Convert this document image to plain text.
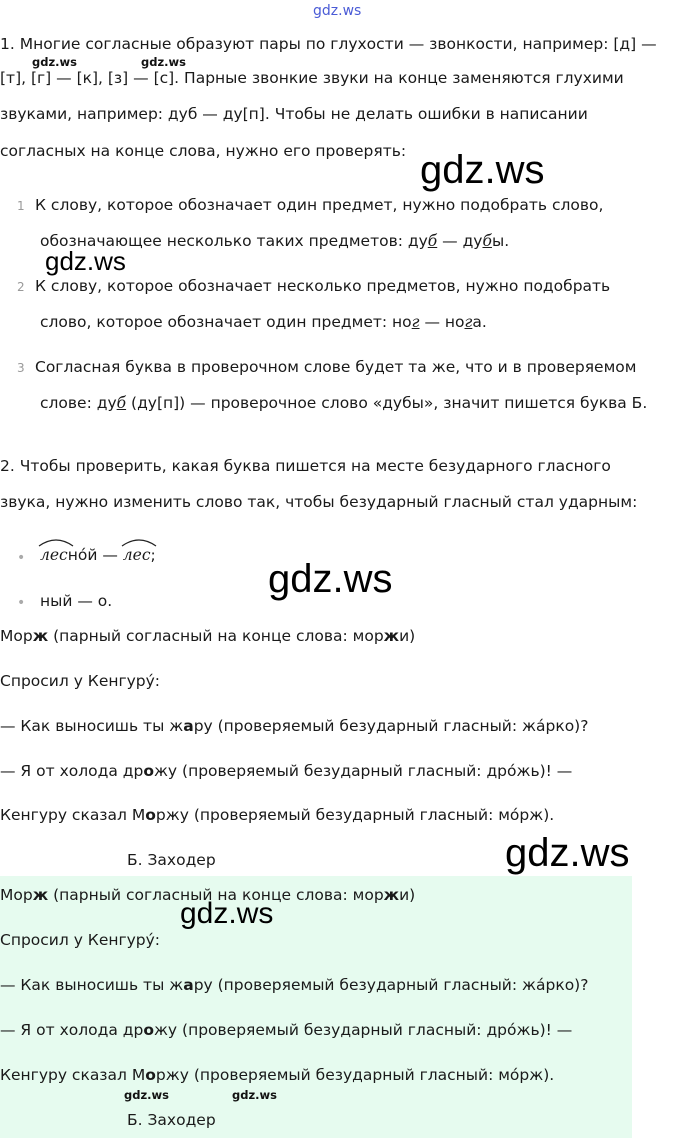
gdz.ws
gdz.ws	gdz.ws
gdz.ws
gdz.ws
gdz.ws
gdz.ws
1. Многие согласные образуют пары по глухости — звонкости, например: [д] —
[т], [г] — [к], [з] — [с]. Парные звонкие звуки на конце заменяются глухими
звуками, например: дуб — ду[п]. Чтобы не делать ошибки в написании
согласных на конце слова, нужно его проверять:
1 К слову, которое обозначает один предмет, нужно подобрать слово,
обозначающее несколько таких предметов: дуб — дубы.
2 К слову, которое обозначает несколько предметов, нужно подобрать
слово, которое обозначает один предмет: ног — нога.
3 Согласная буква в проверочном слове будет та же, что и в проверяемом
слове: дуб (ду[п]) — проверочное слово «дубы», значит пишется буква Б.
2. Чтобы проверить, какая буква пишется на месте безударного гласного
звука, нужно изменить слово так, чтобы безударный гласный стал ударным:
• лесно́й —
лес;
• ный — о.
Морж (парный согласный на конце слова: моржи)
Спросил у Кенгуру́:
— Как выносишь ты жару (проверяемый безударный гласный: жа́рко)?
— Я от холода дрожу (проверяемый безударный гласный: дро́жь)! —
Кенгуру сказал Моржу (проверяемый безударный гласный: мо́рж).
Б. Заходер
Морж (парный согласный на конце слова: моржи)
gdz.ws
Спросил у Кенгуру́:
— Как выносишь ты жару (проверяемый безударный гласный: жа́рко)?
— Я от холода дрожу (проверяемый безударный гласный: дро́жь)! —
Кенгуру сказал Моржу (проверяемый безударный гласный: мо́рж).
gdz.ws	gdz.ws
Б. Заходер
